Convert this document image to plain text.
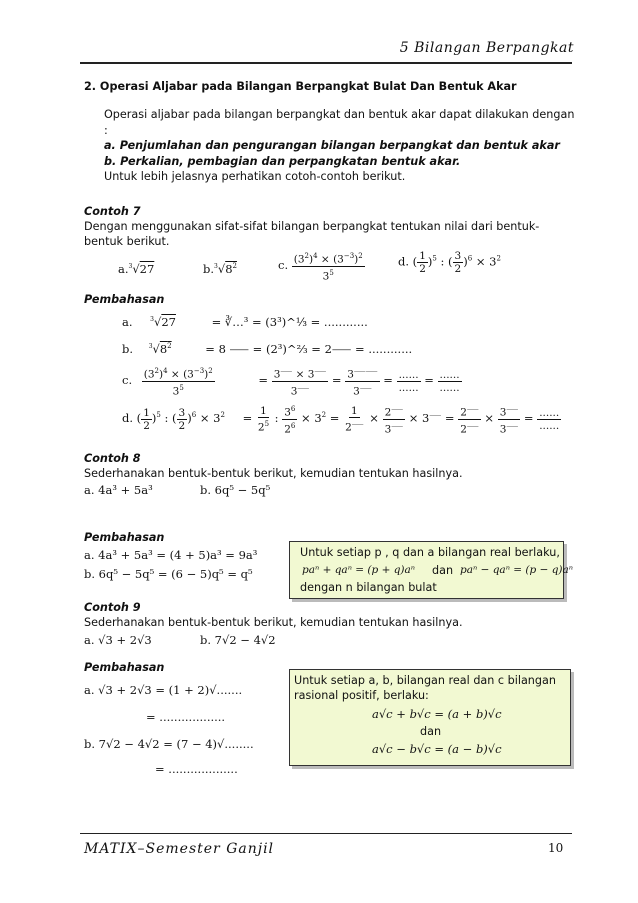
5 Bilangan Berpangkat
2. Operasi Aljabar pada Bilangan Berpangkat Bulat Dan Bentuk Akar
Operasi aljabar pada bilangan berpangkat dan bentuk akar dapat dilakukan dengan
:
a. Penjumlahan dan pengurangan bilangan berpangkat dan bentuk akar
b. Perkalian, pembagian dan perpangkatan bentuk akar.
Untuk lebih jelasnya perhatikan cotoh-contoh berikut.
Contoh 7
Dengan menggunakan sifat-sifat bilangan berpangkat tentukan nilai dari bentuk-
bentuk berikut.
a.$^3$√27	$b.^3√8^2$	c. $\frac{(3^2)^4 \times (3^{-3})^2}{3^5}$	d. ( $\frac{1}{2} )^5$ : ( $\frac{3}{2} )^6 \times 3^2$
Pembahasan
a.	$^3$√27	= ∛…³ = (3³)^⅓ = ............
b.	$^3√8^2$	= 8 ⸺ = (2³)^⅔ = 2⸺ = ............
c. $\frac{(3^2)^4 \times (3^{-3})^2}{3^5}$	= $\frac{3^⸺ \times 3^⸺}{3^⸺} = \frac{3^{⸺⸺}}{3^⸺} = \frac{......}{......} = \frac{......}{......}$
d. ( $\frac{1}{2} )^5$ : ( $\frac{3}{2} )^6 \times 3^2 = \frac{1}{2^5}$ : $\frac{3^6}{2^6} \times 3^2 = \frac{1}{2^⸺} \times \frac{2^⸺}{3^⸺} \times 3^⸺ = \frac{2^⸺}{2^⸺} \times \frac{3^⸺}{3^⸺} = \frac{......}{......}$
Contoh 8
Sederhanakan bentuk-bentuk berikut, kemudian tentukan hasilnya.
a. 4a³ + 5a³	b. 6q⁵ − 5q⁵
Pembahasan
a. 4a³ + 5a³ = (4 + 5)a³ = 9a³
b. 6q⁵ − 5q⁵ = (6 − 5)q⁵ = q⁵
Untuk setiap p , q dan a bilangan real berlaku,
paⁿ + qaⁿ = (p + q)aⁿ dan paⁿ − qaⁿ = (p − q)aⁿ
dengan n bilangan bulat
Contoh 9
Sederhanakan bentuk-bentuk berikut, kemudian tentukan hasilnya.
a. √3 + 2√3	b. 7√2 − 4√2
Pembahasan
a. √3 + 2√3 = (1 + 2)√.......
= ..................
b. 7√2 − 4√2 = (7 − 4)√........
= ...................
Untuk setiap a, b, bilangan real dan c bilangan
rasional positif, berlaku:
a√c + b√c = (a + b)√c
dan
a√c − b√c = (a − b)√c
MATIX–Semester Ganjil	10
